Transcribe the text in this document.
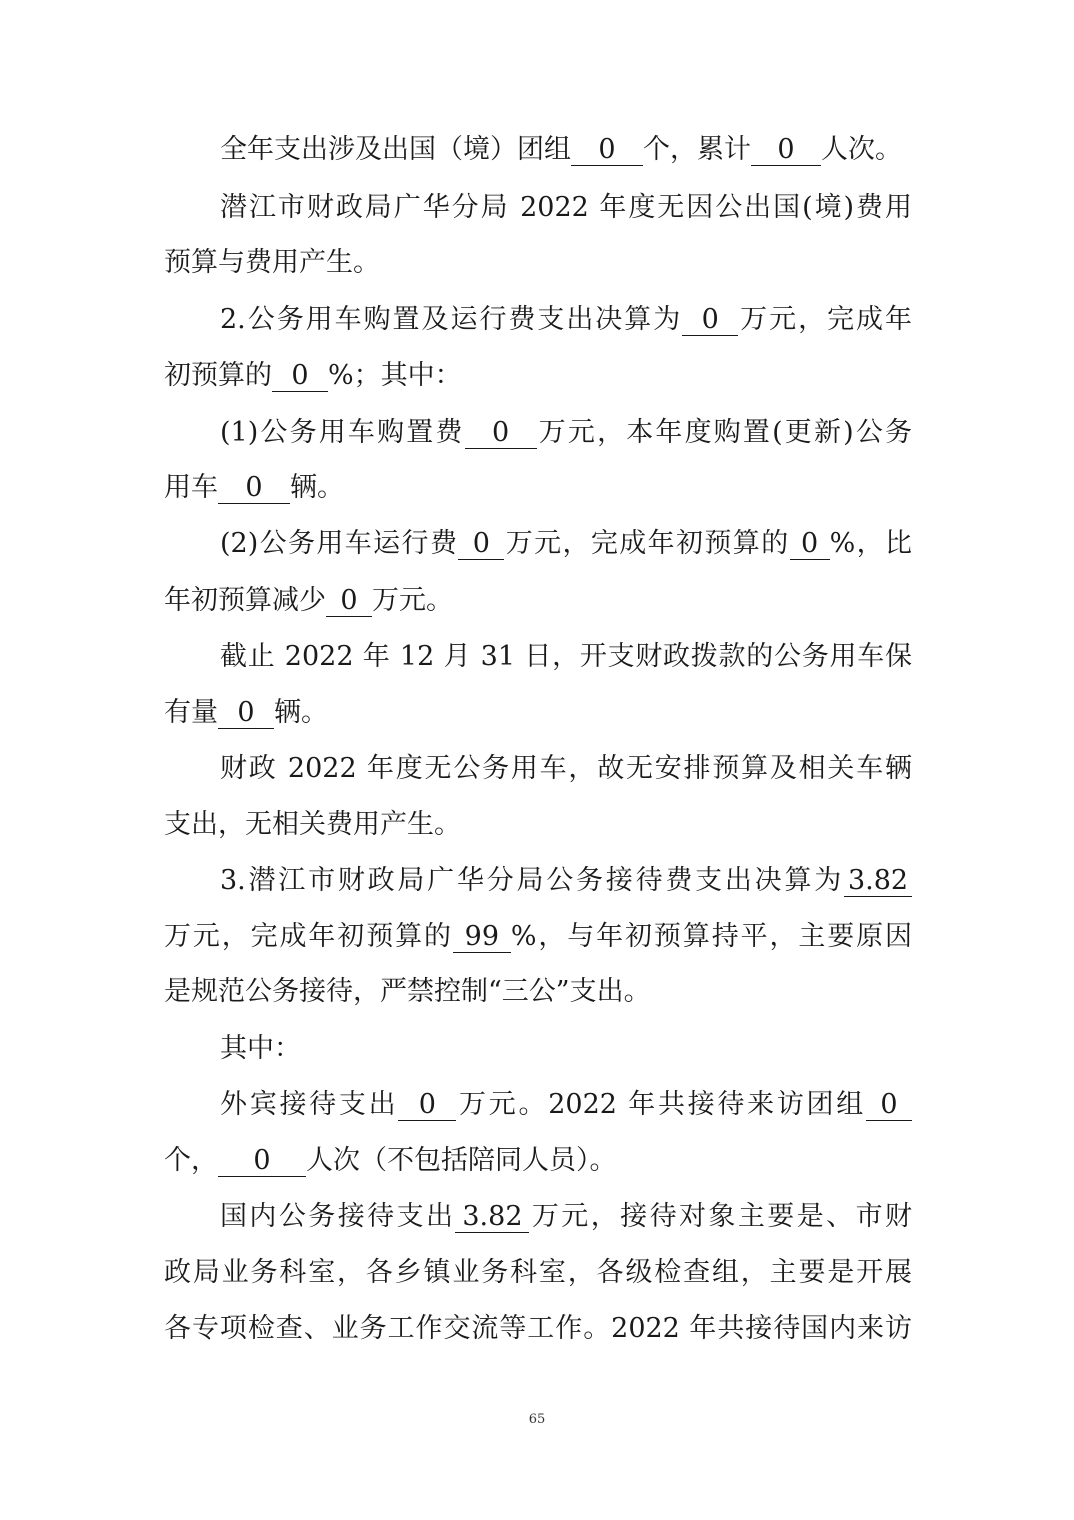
全年支出涉及出国（境）团组 0 个，累计 0 人次。
潜江市财政局广华分局 2022 年度无因公出国(境)费用
预算与费用产生。
2.公务用车购置及运行费支出决算为 0 万元，完成年
初预算的 0 %；其中：
(1)公务用车购置费 0 万元，本年度购置(更新)公务
用车 0 辆。
(2)公务用车运行费 0 万元，完成年初预算的 0 %，比
年初预算减少 0 万元。
截止 2022 年 12 月 31 日，开支财政拨款的公务用车保
有量 0 辆。
财政 2022 年度无公务用车，故无安排预算及相关车辆
支出，无相关费用产生。
3.潜江市财政局广华分局公务接待费支出决算为 3.82
万元，完成年初预算的 99 %，与年初预算持平，主要原因
是规范公务接待，严禁控制“三公”支出。
其中：
外宾接待支出 0 万元。2022 年共接待来访团组 0
个， 0 人次（不包括陪同人员）。
国内公务接待支出 3.82 万元，接待对象主要是、市财
政局业务科室，各乡镇业务科室，各级检查组，主要是开展
各专项检查、业务工作交流等工作。2022 年共接待国内来访
65
